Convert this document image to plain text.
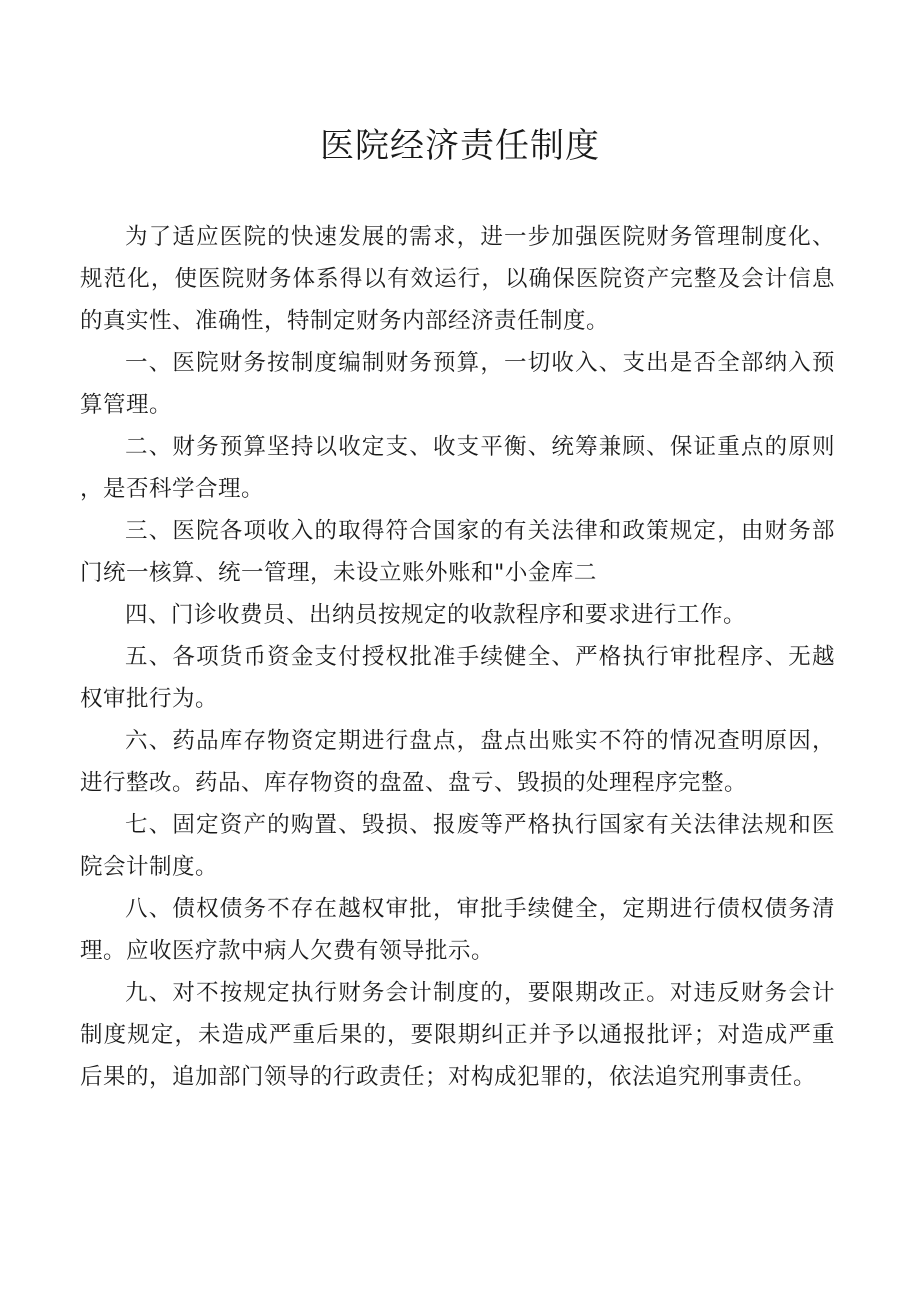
医院经济责任制度

为了适应医院的快速发展的需求，进一步加强医院财务管理制度化、规范化，使医院财务体系得以有效运行，以确保医院资产完整及会计信息的真实性、准确性，特制定财务内部经济责任制度。

一、医院财务按制度编制财务预算，一切收入、支出是否全部纳入预算管理。

二、财务预算坚持以收定支、收支平衡、统筹兼顾、保证重点的原则，是否科学合理。

三、医院各项收入的取得符合国家的有关法律和政策规定，由财务部门统一核算、统一管理，未设立账外账和"小金库二

四、门诊收费员、出纳员按规定的收款程序和要求进行工作。

五、各项货币资金支付授权批准手续健全、严格执行审批程序、无越权审批行为。

六、药品库存物资定期进行盘点，盘点出账实不符的情况查明原因，进行整改。药品、库存物资的盘盈、盘亏、毁损的处理程序完整。

七、固定资产的购置、毁损、报废等严格执行国家有关法律法规和医院会计制度。

八、债权债务不存在越权审批，审批手续健全，定期进行债权债务清理。应收医疗款中病人欠费有领导批示。

九、对不按规定执行财务会计制度的，要限期改正。对违反财务会计制度规定，未造成严重后果的，要限期纠正并予以通报批评；对造成严重后果的，追加部门领导的行政责任；对构成犯罪的，依法追究刑事责任。
